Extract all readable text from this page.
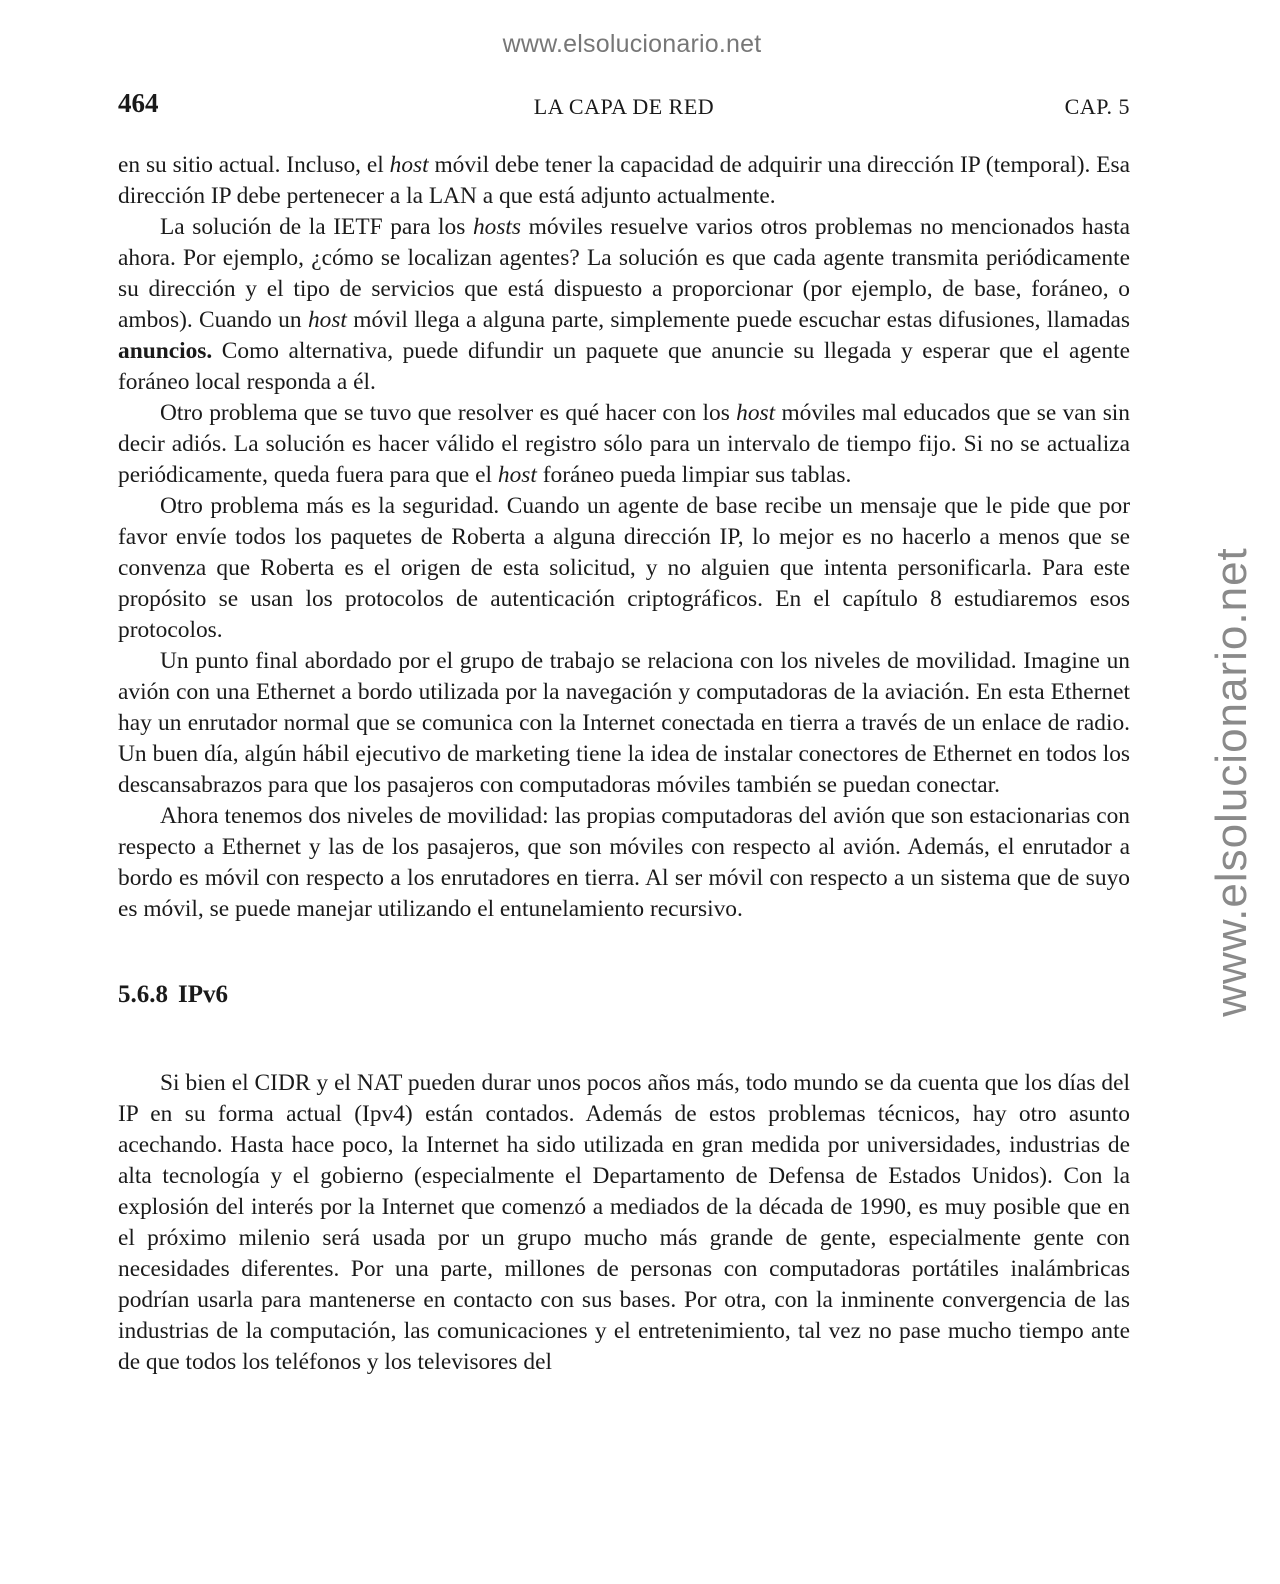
www.elsolucionario.net
www.elsolucionario.net
464	LA CAPA DE RED	CAP. 5

en su sitio actual. Incluso, el host móvil debe tener la capacidad de adquirir una dirección IP (temporal). Esa dirección IP debe pertenecer a la LAN a que está adjunto actualmente.

La solución de la IETF para los hosts móviles resuelve varios otros problemas no mencionados hasta ahora. Por ejemplo, ¿cómo se localizan agentes? La solución es que cada agente transmita periódicamente su dirección y el tipo de servicios que está dispuesto a proporcionar (por ejemplo, de base, foráneo, o ambos). Cuando un host móvil llega a alguna parte, simplemente puede escuchar estas difusiones, llamadas anuncios. Como alternativa, puede difundir un paquete que anuncie su llegada y esperar que el agente foráneo local responda a él.

Otro problema que se tuvo que resolver es qué hacer con los host móviles mal educados que se van sin decir adiós. La solución es hacer válido el registro sólo para un intervalo de tiempo fijo. Si no se actualiza periódicamente, queda fuera para que el host foráneo pueda limpiar sus tablas.

Otro problema más es la seguridad. Cuando un agente de base recibe un mensaje que le pide que por favor envíe todos los paquetes de Roberta a alguna dirección IP, lo mejor es no hacerlo a menos que se convenza que Roberta es el origen de esta solicitud, y no alguien que intenta personificarla. Para este propósito se usan los protocolos de autenticación criptográficos. En el capítulo 8 estudiaremos esos protocolos.

Un punto final abordado por el grupo de trabajo se relaciona con los niveles de movilidad. Imagine un avión con una Ethernet a bordo utilizada por la navegación y computadoras de la aviación. En esta Ethernet hay un enrutador normal que se comunica con la Internet conectada en tierra a través de un enlace de radio. Un buen día, algún hábil ejecutivo de marketing tiene la idea de instalar conectores de Ethernet en todos los descansabrazos para que los pasajeros con computadoras móviles también se puedan conectar.

Ahora tenemos dos niveles de movilidad: las propias computadoras del avión que son estacionarias con respecto a Ethernet y las de los pasajeros, que son móviles con respecto al avión. Además, el enrutador a bordo es móvil con respecto a los enrutadores en tierra. Al ser móvil con respecto a un sistema que de suyo es móvil, se puede manejar utilizando el entunelamiento recursivo.

5.6.8 IPv6

Si bien el CIDR y el NAT pueden durar unos pocos años más, todo mundo se da cuenta que los días del IP en su forma actual (Ipv4) están contados. Además de estos problemas técnicos, hay otro asunto acechando. Hasta hace poco, la Internet ha sido utilizada en gran medida por universidades, industrias de alta tecnología y el gobierno (especialmente el Departamento de Defensa de Estados Unidos). Con la explosión del interés por la Internet que comenzó a mediados de la década de 1990, es muy posible que en el próximo milenio será usada por un grupo mucho más grande de gente, especialmente gente con necesidades diferentes. Por una parte, millones de personas con computadoras portátiles inalámbricas podrían usarla para mantenerse en contacto con sus bases. Por otra, con la inminente convergencia de las industrias de la computación, las comunicaciones y el entretenimiento, tal vez no pase mucho tiempo ante de que todos los teléfonos y los televisores del
